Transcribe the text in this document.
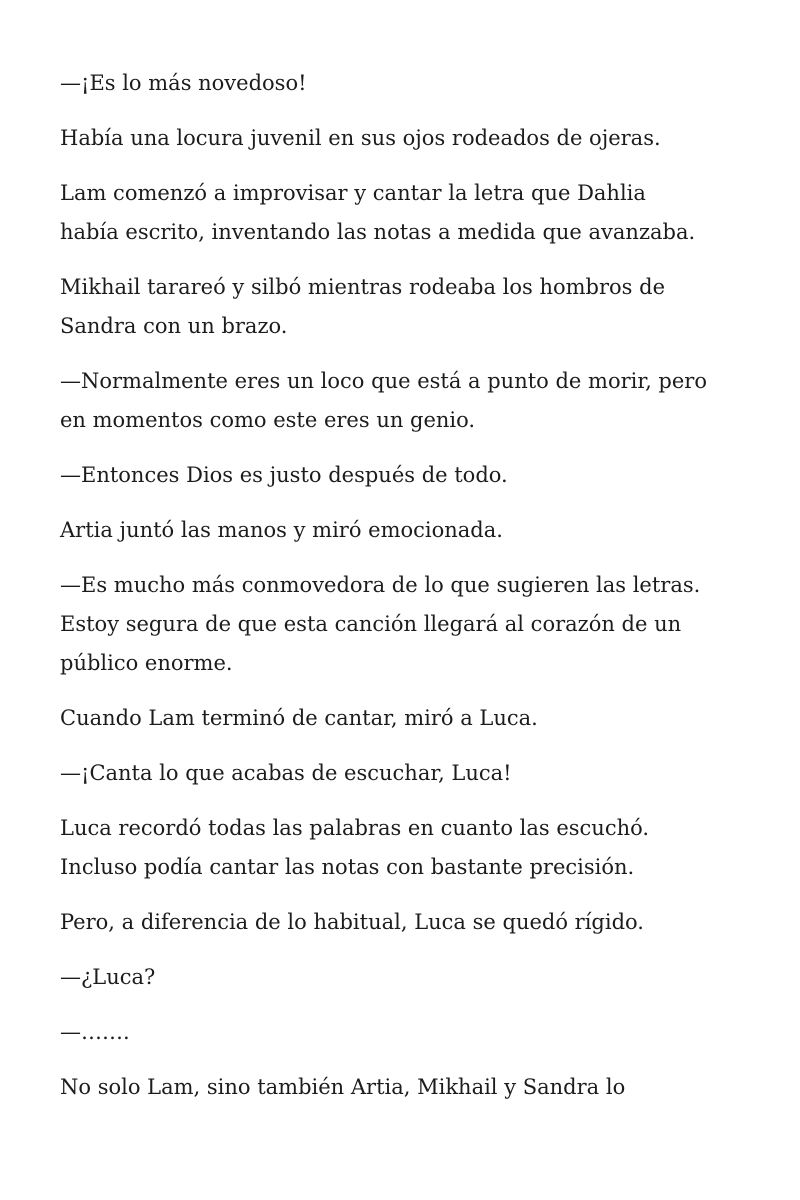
—¡Es lo más novedoso!

Había una locura juvenil en sus ojos rodeados de ojeras.

Lam comenzó a improvisar y cantar la letra que Dahlia
había escrito, inventando las notas a medida que avanzaba.

Mikhail tarareó y silbó mientras rodeaba los hombros de
Sandra con un brazo.

—Normalmente eres un loco que está a punto de morir, pero
en momentos como este eres un genio.

—Entonces Dios es justo después de todo.

Artia juntó las manos y miró emocionada.

—Es mucho más conmovedora de lo que sugieren las letras.
Estoy segura de que esta canción llegará al corazón de un
público enorme.

Cuando Lam terminó de cantar, miró a Luca.

—¡Canta lo que acabas de escuchar, Luca!

Luca recordó todas las palabras en cuanto las escuchó.
Incluso podía cantar las notas con bastante precisión.

Pero, a diferencia de lo habitual, Luca se quedó rígido.

—¿Luca?

—…….

No solo Lam, sino también Artia, Mikhail y Sandra lo
